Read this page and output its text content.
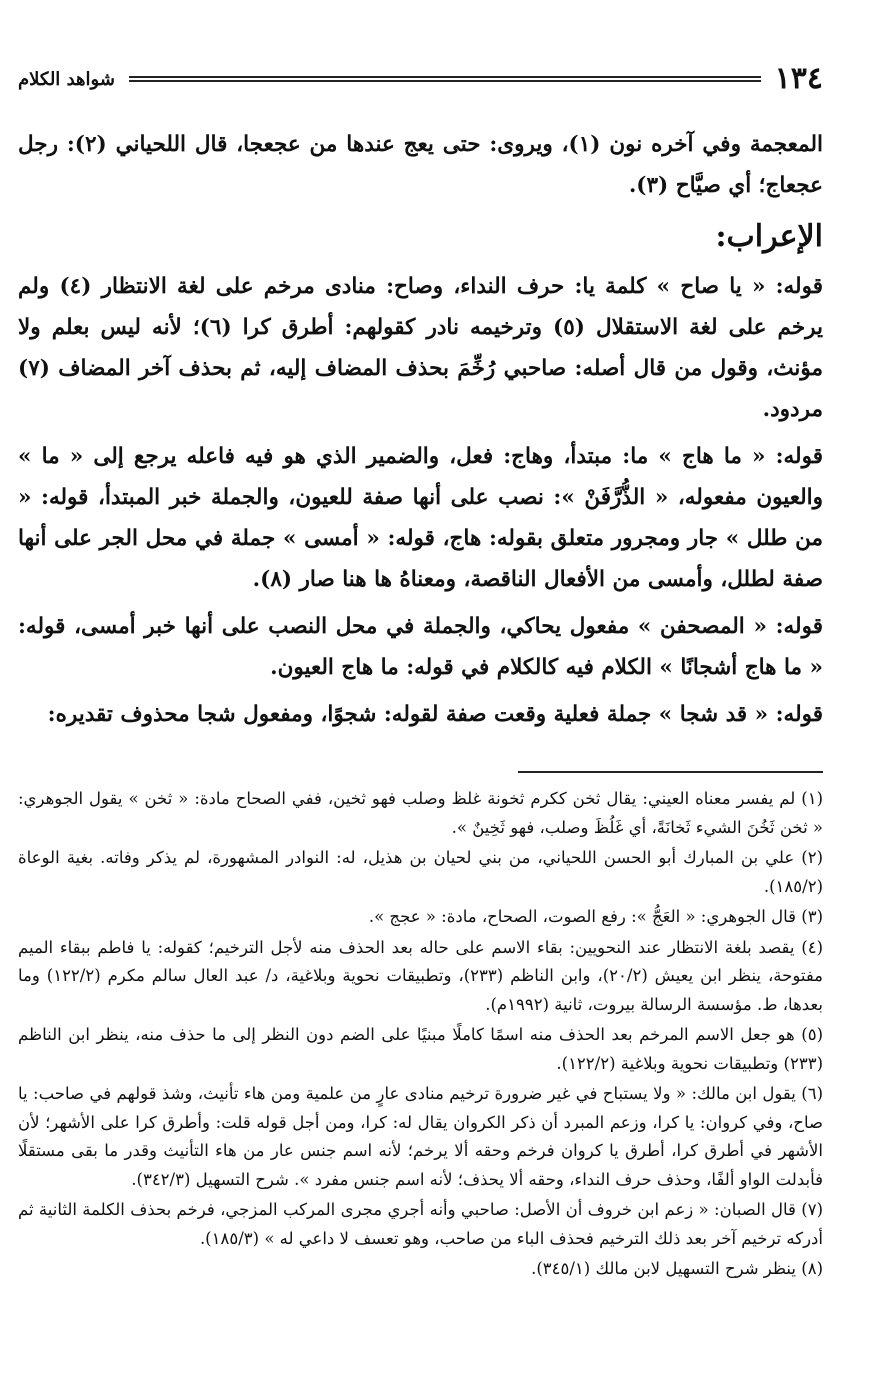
١٣٤
شواهد الكلام

المعجمة وفي آخره نون (١)، ويروى: حتى يعج عندها من عجعجا، قال اللحياني (٢): رجل عجعاج؛ أي صيَّاح (٣).

الإعراب:

قوله: « يا صاح » كلمة يا: حرف النداء، وصاح: منادى مرخم على لغة الانتظار (٤) ولم يرخم على لغة الاستقلال (٥) وترخيمه نادر كقولهم: أطرق كرا (٦)؛ لأنه ليس بعلم ولا مؤنث، وقول من قال أصله: صاحبي رُخِّمَ بحذف المضاف إليه، ثم بحذف آخر المضاف (٧) مردود.

قوله: « ما هاج » ما: مبتدأ، وهاج: فعل، والضمير الذي هو فيه فاعله يرجع إلى « ما » والعيون مفعوله، « الذُّرَّفَنْ »: نصب على أنها صفة للعيون، والجملة خبر المبتدأ، قوله: « من طلل » جار ومجرور متعلق بقوله: هاج، قوله: « أمسى » جملة في محل الجر على أنها صفة لطلل، وأمسى من الأفعال الناقصة، ومعناهُ ها هنا صار (٨).

قوله: « المصحفن » مفعول يحاكي، والجملة في محل النصب على أنها خبر أمسى، قوله: « ما هاج أشجانًا » الكلام فيه كالكلام في قوله: ما هاج العيون.

قوله: « قد شجا » جملة فعلية وقعت صفة لقوله: شجوًا، ومفعول شجا محذوف تقديره:

(١) لم يفسر معناه العيني: يقال ثخن ككرم ثخونة غلظ وصلب فهو ثخين، ففي الصحاح مادة: « ثخن » يقول الجوهري: « ثخن ثَخُنَ الشيء ثَخانَةً، أي غَلُظَ وصلب، فهو ثَخِينٌ ».

(٢) علي بن المبارك أبو الحسن اللحياني، من بني لحيان بن هذيل، له: النوادر المشهورة، لم يذكر وفاته. بغية الوعاة (١٨٥/٢).

(٣) قال الجوهري: « العَجُّ »: رفع الصوت، الصحاح، مادة: « عجج ».

(٤) يقصد بلغة الانتظار عند النحويين: بقاء الاسم على حاله بعد الحذف منه لأجل الترخيم؛ كقوله: يا فاطم ببقاء الميم مفتوحة، ينظر ابن يعيش (٢٠/٢)، وابن الناظم (٢٣٣)، وتطبيقات نحوية وبلاغية، د/ عبد العال سالم مكرم (١٢٢/٢) وما بعدها، ط. مؤسسة الرسالة بيروت، ثانية (١٩٩٢م).

(٥) هو جعل الاسم المرخم بعد الحذف منه اسمًا كاملًا مبنيًا على الضم دون النظر إلى ما حذف منه، ينظر ابن الناظم (٢٣٣) وتطبيقات نحوية وبلاغية (١٢٢/٢).

(٦) يقول ابن مالك: « ولا يستباح في غير ضرورة ترخيم منادى عارٍ من علمية ومن هاء تأنيث، وشذ قولهم في صاحب: يا صاح، وفي كروان: يا كرا، وزعم المبرد أن ذكر الكروان يقال له: كرا، ومن أجل قوله قلت: وأطرق كرا على الأشهر؛ لأن الأشهر في أطرق كرا، أطرق يا كروان فرخم وحقه ألا يرخم؛ لأنه اسم جنس عار من هاء التأنيث وقدر ما بقى مستقلًا فأبدلت الواو ألفًا، وحذف حرف النداء، وحقه ألا يحذف؛ لأنه اسم جنس مفرد ». شرح التسهيل (٣٤٢/٣).

(٧) قال الصبان: « زعم ابن خروف أن الأصل: صاحبي وأنه أجري مجرى المركب المزجي، فرخم بحذف الكلمة الثانية ثم أدركه ترخيم آخر بعد ذلك الترخيم فحذف الباء من صاحب، وهو تعسف لا داعي له » (١٨٥/٣).

(٨) ينظر شرح التسهيل لابن مالك (٣٤٥/١).
